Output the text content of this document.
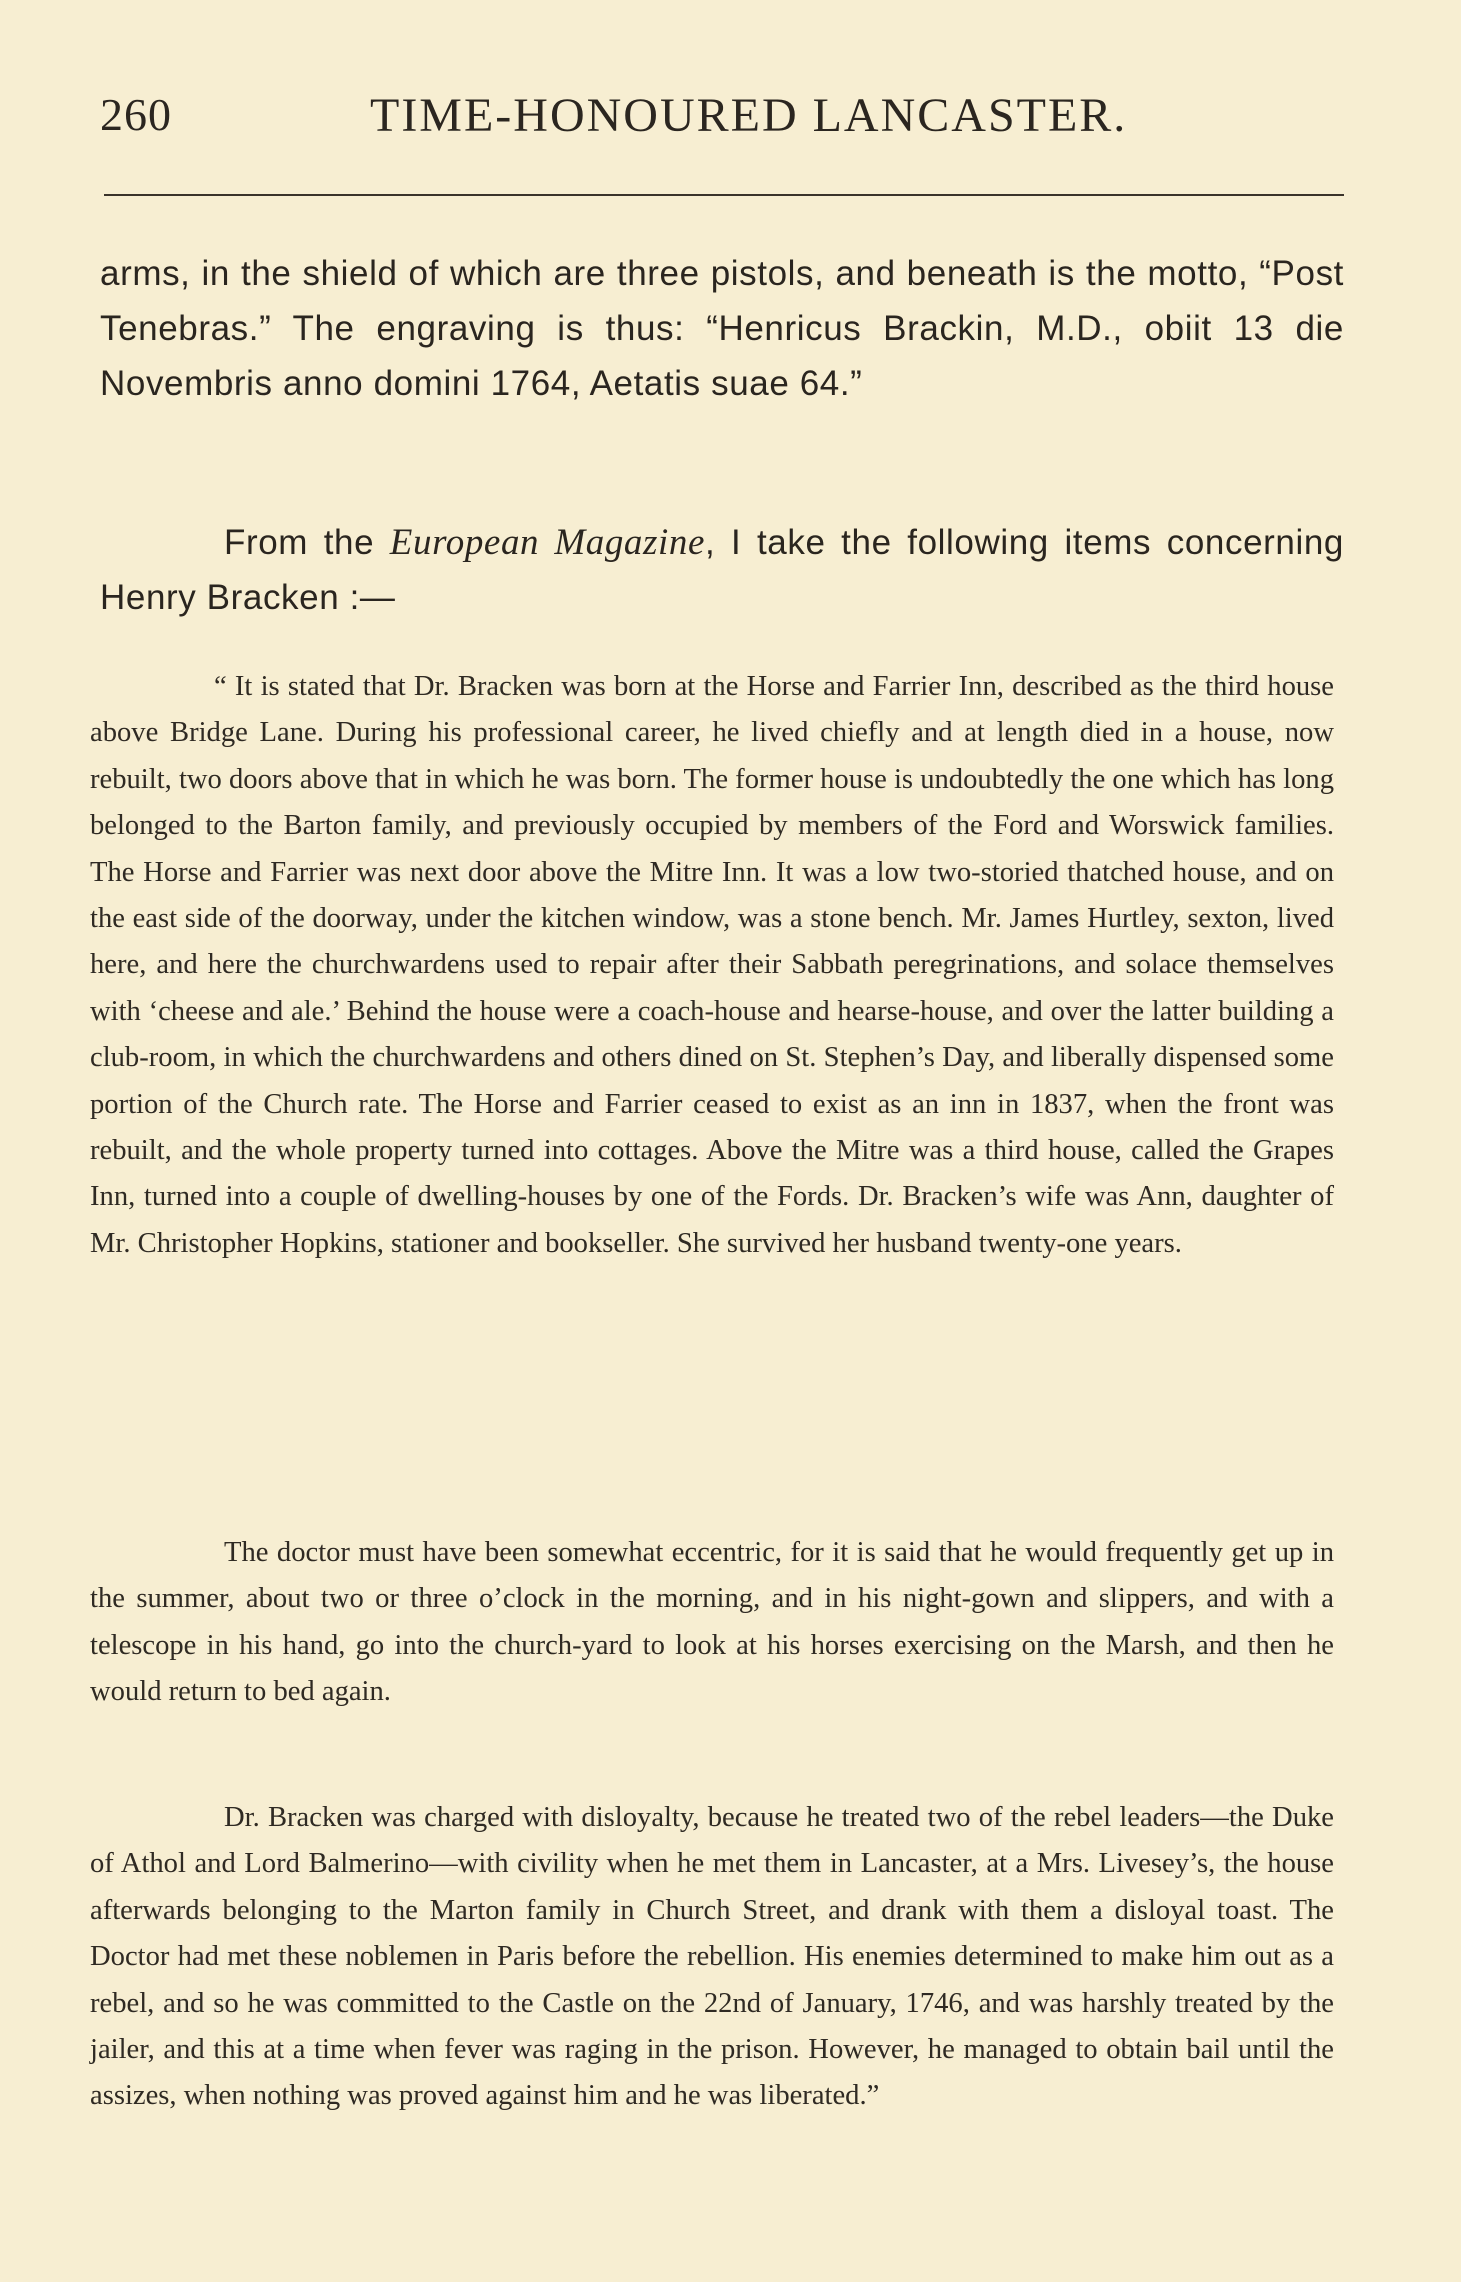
260	TIME-HONOURED LANCASTER.

arms, in the shield of which are three pistols, and beneath is the motto, “Post Tenebras.” The engraving is thus: “Henricus Brackin, M.D., obiit 13 die Novembris anno domini 1764, Aetatis suae 64.”

From the European Magazine, I take the following items concerning Henry Bracken :—

“ It is stated that Dr. Bracken was born at the Horse and Farrier Inn, described as the third house above Bridge Lane. During his professional career, he lived chiefly and at length died in a house, now rebuilt, two doors above that in which he was born. The former house is undoubtedly the one which has long belonged to the Barton family, and previously occupied by members of the Ford and Worswick families. The Horse and Farrier was next door above the Mitre Inn. It was a low two-storied thatched house, and on the east side of the doorway, under the kitchen window, was a stone bench. Mr. James Hurtley, sexton, lived here, and here the churchwardens used to repair after their Sabbath peregrinations, and solace themselves with ‘cheese and ale.’ Behind the house were a coach-house and hearse-house, and over the latter building a club-room, in which the churchwardens and others dined on St. Stephen’s Day, and liberally dispensed some portion of the Church rate. The Horse and Farrier ceased to exist as an inn in 1837, when the front was rebuilt, and the whole property turned into cottages. Above the Mitre was a third house, called the Grapes Inn, turned into a couple of dwelling-houses by one of the Fords. Dr. Bracken’s wife was Ann, daughter of Mr. Christopher Hopkins, stationer and bookseller. She survived her husband twenty-one years.

The doctor must have been somewhat eccentric, for it is said that he would frequently get up in the summer, about two or three o’clock in the morning, and in his night-gown and slippers, and with a telescope in his hand, go into the church-yard to look at his horses exercising on the Marsh, and then he would return to bed again.

Dr. Bracken was charged with disloyalty, because he treated two of the rebel leaders—the Duke of Athol and Lord Balmerino—with civility when he met them in Lancaster, at a Mrs. Livesey’s, the house afterwards belonging to the Marton family in Church Street, and drank with them a disloyal toast. The Doctor had met these noblemen in Paris before the rebellion. His enemies determined to make him out as a rebel, and so he was committed to the Castle on the 22nd of January, 1746, and was harshly treated by the jailer, and this at a time when fever was raging in the prison. However, he managed to obtain bail until the assizes, when nothing was proved against him and he was liberated.”
